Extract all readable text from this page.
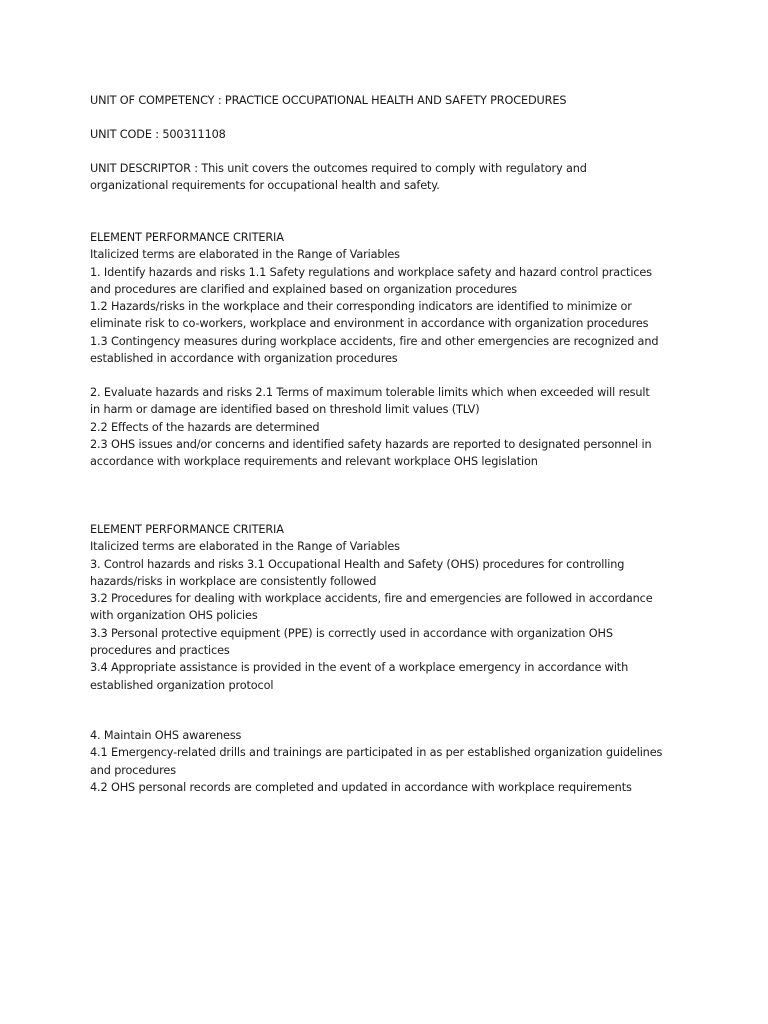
UNIT OF COMPETENCY : PRACTICE OCCUPATIONAL HEALTH AND SAFETY PROCEDURES
UNIT CODE : 500311108
UNIT DESCRIPTOR : This unit covers the outcomes required to comply with regulatory and
organizational requirements for occupational health and safety.
ELEMENT PERFORMANCE CRITERIA
Italicized terms are elaborated in the Range of Variables
1. Identify hazards and risks 1.1 Safety regulations and workplace safety and hazard control practices
and procedures are clarified and explained based on organization procedures
1.2 Hazards/risks in the workplace and their corresponding indicators are identified to minimize or
eliminate risk to co-workers, workplace and environment in accordance with organization procedures
1.3 Contingency measures during workplace accidents, fire and other emergencies are recognized and
established in accordance with organization procedures
2. Evaluate hazards and risks 2.1 Terms of maximum tolerable limits which when exceeded will result
in harm or damage are identified based on threshold limit values (TLV)
2.2 Effects of the hazards are determined
2.3 OHS issues and/or concerns and identified safety hazards are reported to designated personnel in
accordance with workplace requirements and relevant workplace OHS legislation
ELEMENT PERFORMANCE CRITERIA
Italicized terms are elaborated in the Range of Variables
3. Control hazards and risks 3.1 Occupational Health and Safety (OHS) procedures for controlling
hazards/risks in workplace are consistently followed
3.2 Procedures for dealing with workplace accidents, fire and emergencies are followed in accordance
with organization OHS policies
3.3 Personal protective equipment (PPE) is correctly used in accordance with organization OHS
procedures and practices
3.4 Appropriate assistance is provided in the event of a workplace emergency in accordance with
established organization protocol
4. Maintain OHS awareness
4.1 Emergency-related drills and trainings are participated in as per established organization guidelines
and procedures
4.2 OHS personal records are completed and updated in accordance with workplace requirements
